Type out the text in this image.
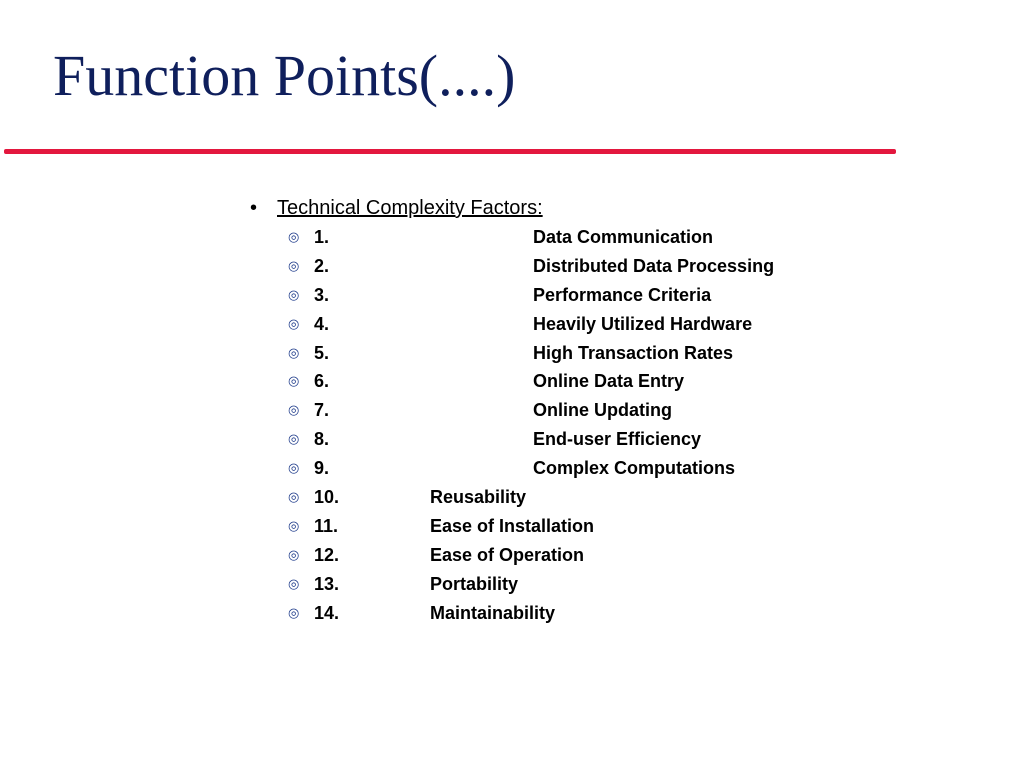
Function Points(....)
• Technical Complexity Factors:
◎ 1.	Data Communication
◎ 2.	Distributed Data Processing
◎ 3.	Performance Criteria
◎ 4.	Heavily Utilized Hardware
◎ 5.	High Transaction Rates
◎ 6.	Online Data Entry
◎ 7.	Online Updating
◎ 8.	End-user Efficiency
◎ 9.	Complex Computations
◎ 10.	Reusability
◎ 11.	Ease of Installation
◎ 12.	Ease of Operation
◎ 13.	Portability
◎ 14.	Maintainability
